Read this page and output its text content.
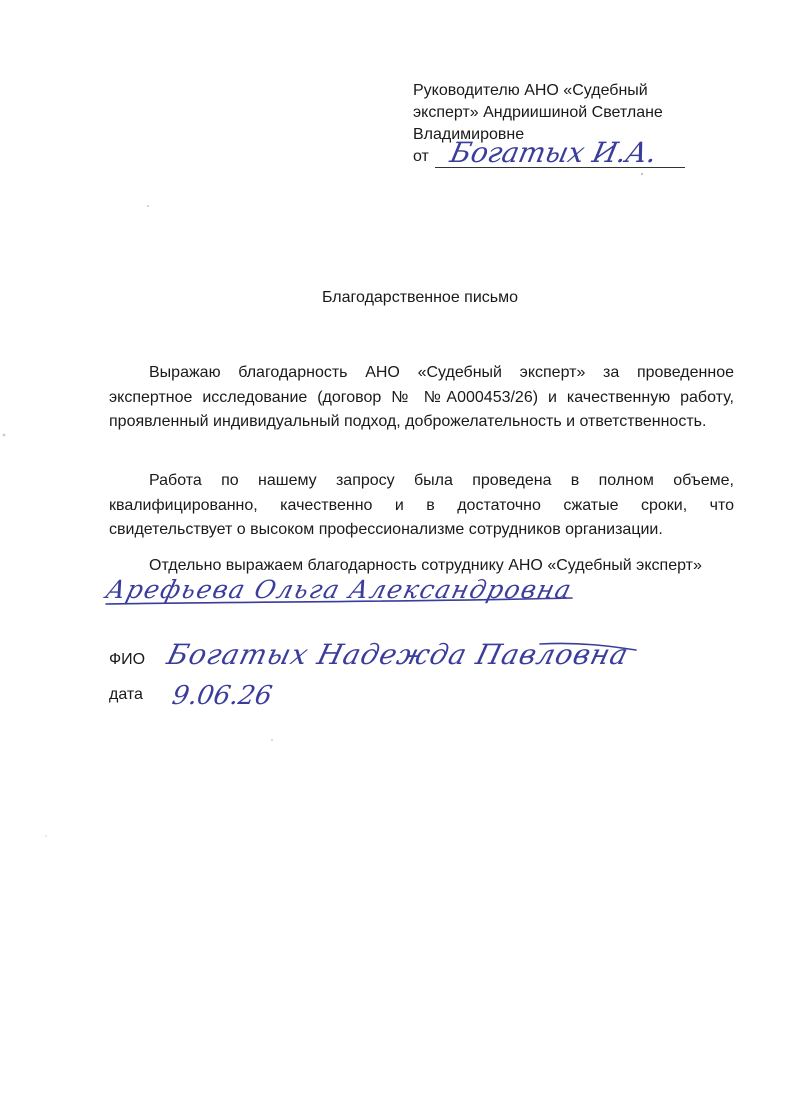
Руководителю АНО «Судебный
эксперт» Андриишиной Светлане
Владимировне
от Богатых И.А.
Благодарственное письмо

Выражаю благодарность АНО «Судебный эксперт» за проведенное экспертное исследование (договор № №А000453/26) и качественную работу, проявленный индивидуальный подход, доброжелательность и ответственность.

Работа по нашему запросу была проведена в полном объеме, квалифицированно, качественно и в достаточно сжатые сроки, что свидетельствует о высоком профессионализме сотрудников организации.

Отдельно выражаем благодарность сотруднику АНО «Судебный эксперт»

Арефьева Ольга Александровна
ФИО Богатых Надежда Павловна
дата 9.06.26
